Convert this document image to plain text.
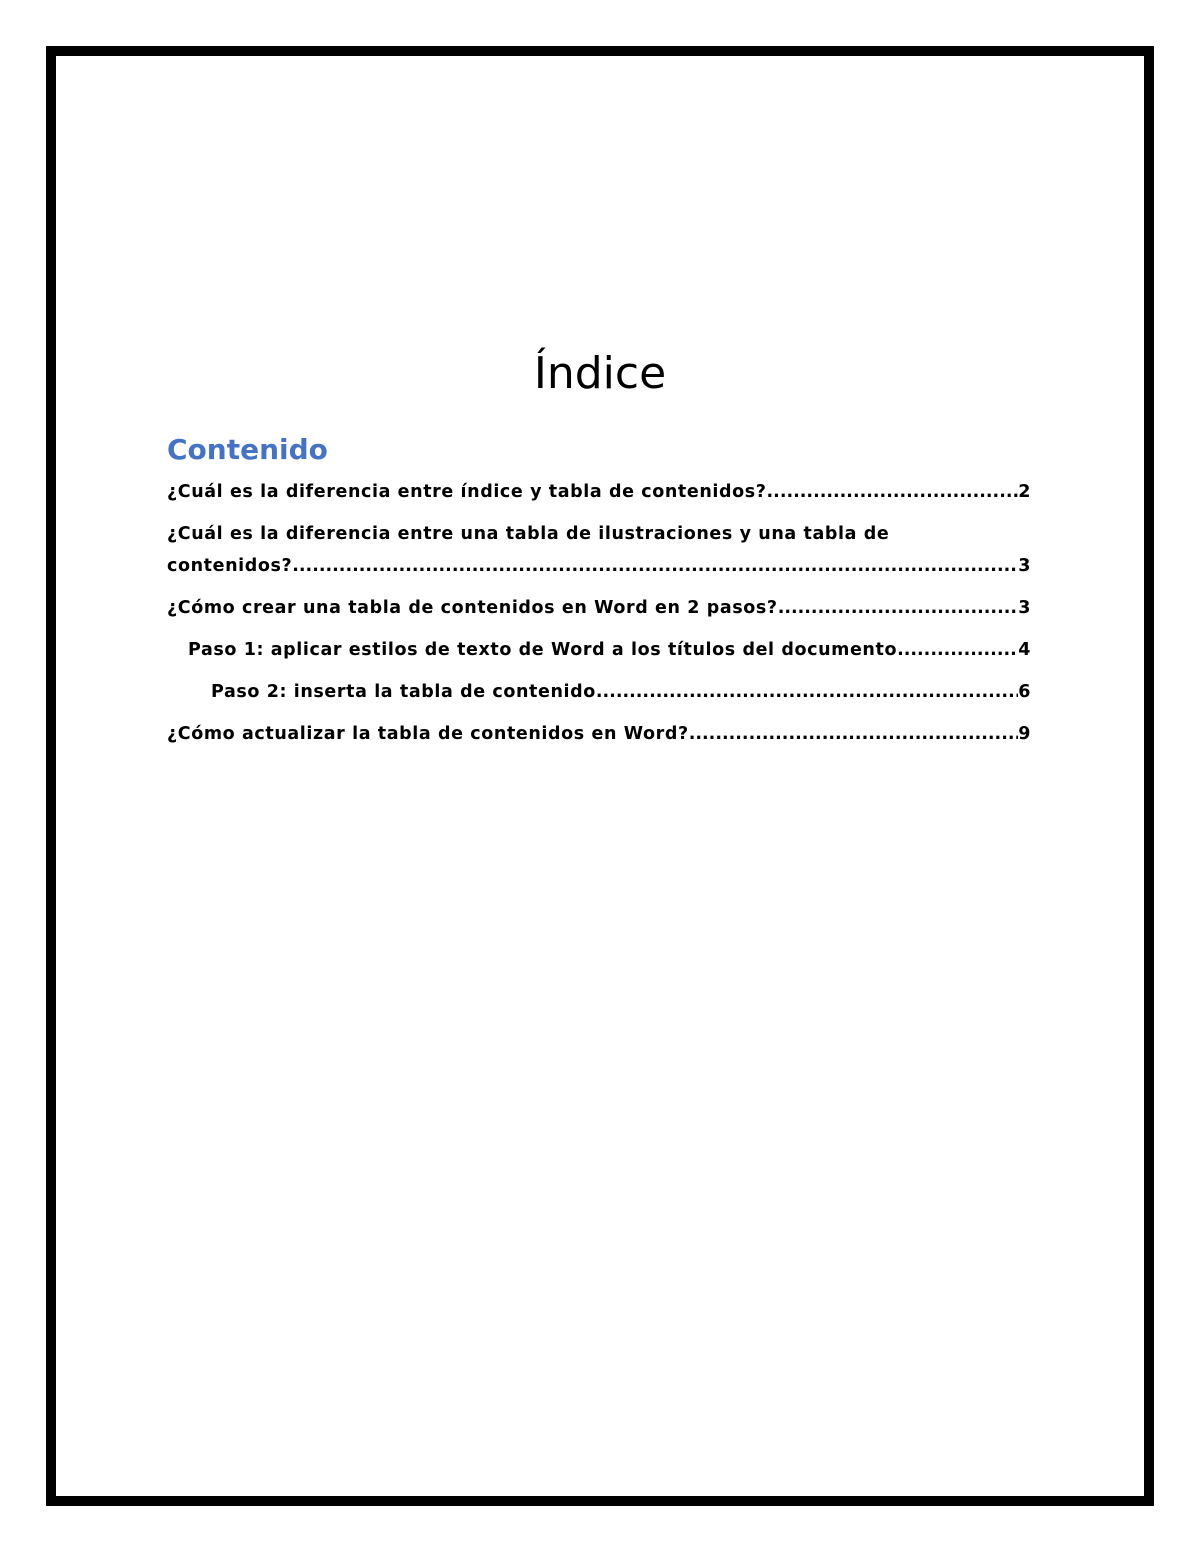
Índice
Contenido
¿Cuál es la diferencia entre índice y tabla de contenidos? .....	2
¿Cuál es la diferencia entre una tabla de ilustraciones y una tabla de
contenidos? .....	3
¿Cómo crear una tabla de contenidos en Word en 2 pasos? .....	3
Paso 1: aplicar estilos de texto de Word a los títulos del documento .....	4
Paso 2: inserta la tabla de contenido .....	6
¿Cómo actualizar la tabla de contenidos en Word? .....	9
